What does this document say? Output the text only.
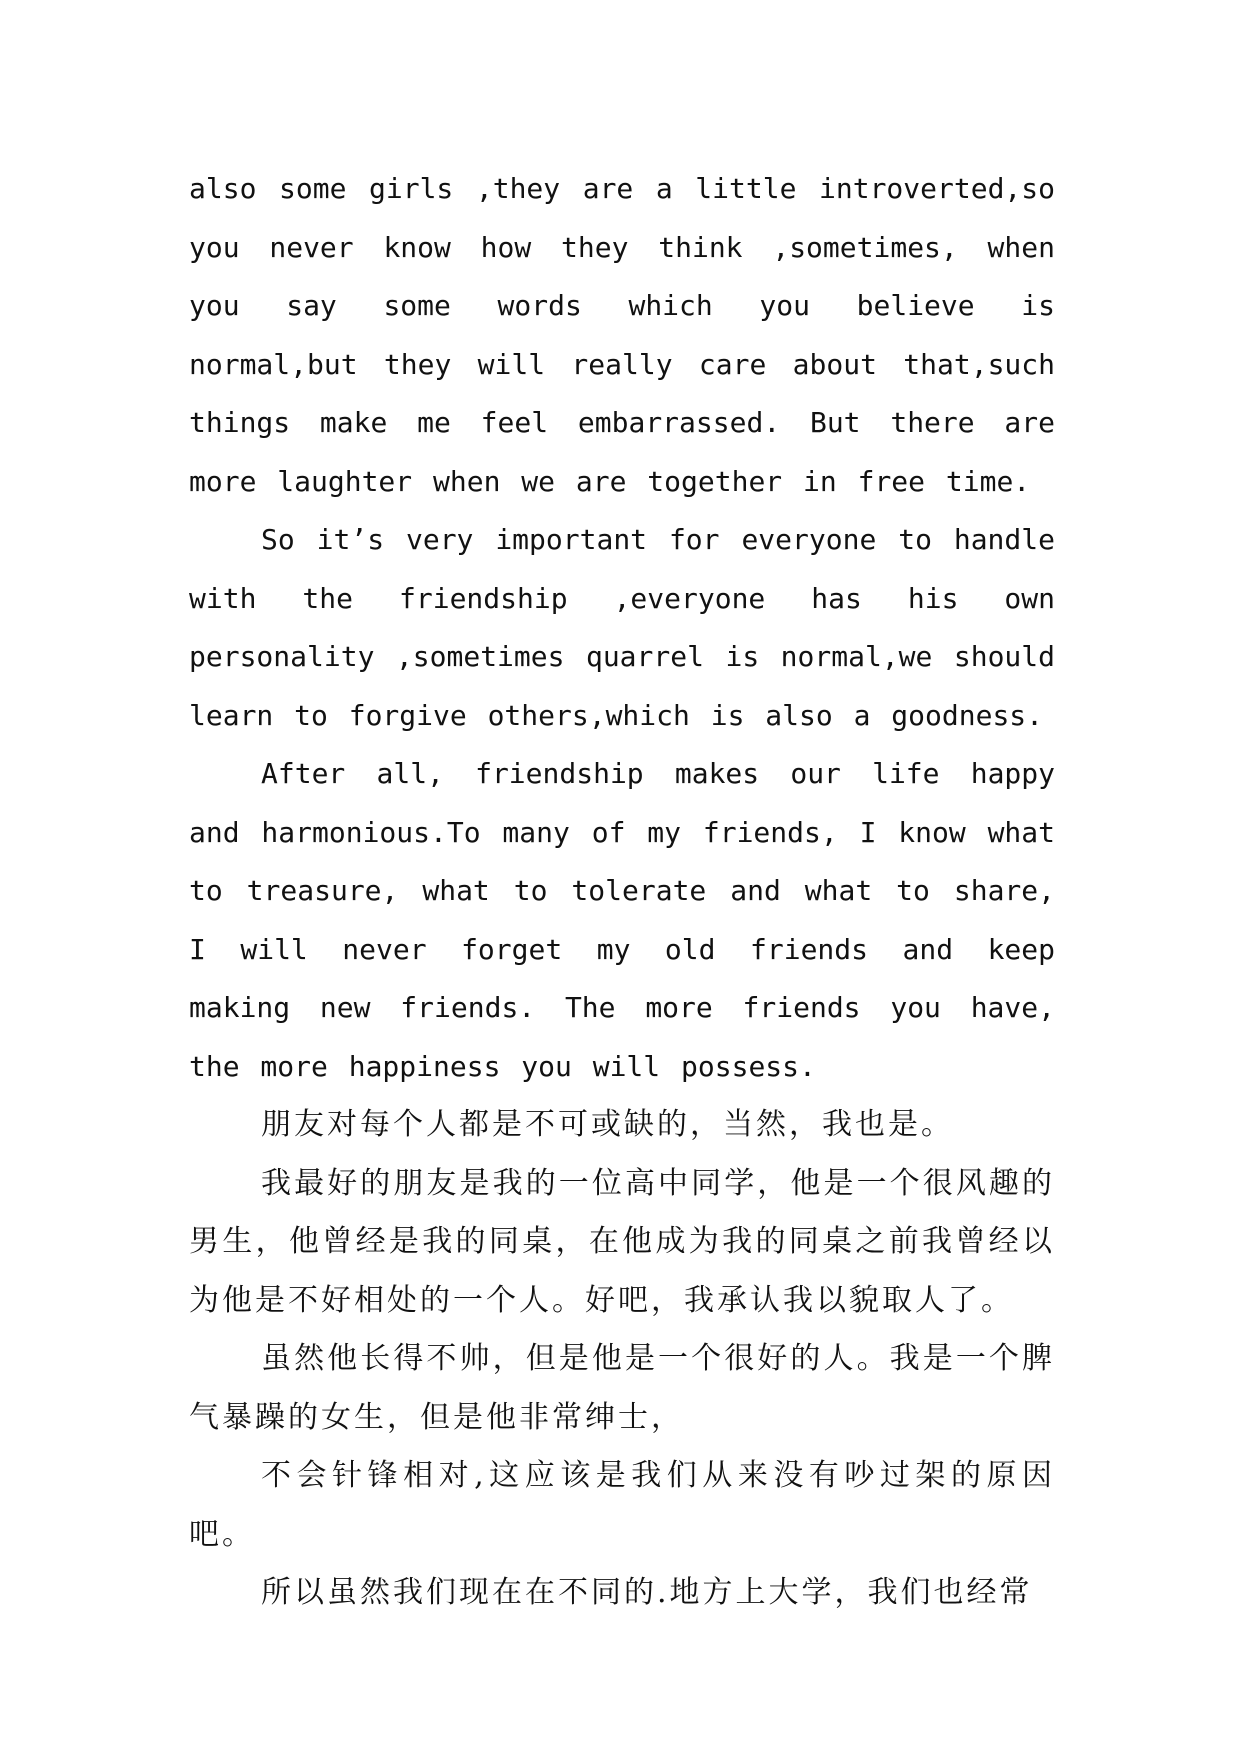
also some girls ,they are a little introverted,so you never know how they think ,sometimes, when you say some words which you believe is normal,but they will really care about that,such things make me feel embarrassed. But there are more laughter when we are together in free time.

So it’s very important for everyone to handle with the friendship ,everyone has his own personality ,sometimes quarrel is normal,we should learn to forgive others,which is also a goodness.

After all, friendship makes our life happy and harmonious.To many of my friends, I know what to treasure, what to tolerate and what to share, I will never forget my old friends and keep making new friends. The more friends you have, the more happiness you will possess.

朋友对每个人都是不可或缺的，当然，我也是。

我最好的朋友是我的一位高中同学，他是一个很风趣的男生，他曾经是我的同桌，在他成为我的同桌之前我曾经以为他是不好相处的一个人。好吧，我承认我以貌取人了。

虽然他长得不帅，但是他是一个很好的人。我是一个脾气暴躁的女生，但是他非常绅士，

不会针锋相对,这应该是我们从来没有吵过架的原因吧。

所以虽然我们现在在不同的.地方上大学，我们也经常
